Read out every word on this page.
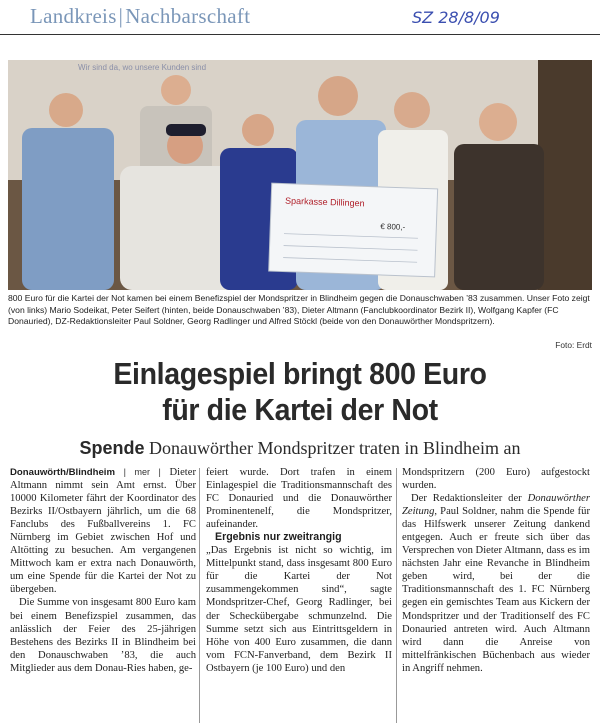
Landkreis|Nachbarschaft	SZ 28/8/09
Wir sind da, wo unsere Kunden sind
Sparkasse Dillingen
€ 800,-
800 Euro für die Kartei der Not kamen bei einem Benefizspiel der Mondspritzer in Blindheim gegen die Donauschwaben ’83 zusammen. Unser Foto zeigt (von links) Mario Sodeikat, Peter Seifert (hinten, beide Donauschwaben ’83), Dieter Altmann (Fanclubkoordinator Bezirk II), Wolfgang Kapfer (FC Donauried), DZ-Redaktionsleiter Paul Soldner, Georg Radlinger und Alfred Stöckl (beide von den Donauwörther Mondspritzern).
Foto: Erdt
Einlagespiel bringt 800 Euro
für die Kartei der Not
Spende Donauwörther Mondspritzer traten in Blindheim an

Donauwörth/Blindheim | mer | Dieter Altmann nimmt sein Amt ernst. Über 10000 Kilometer fährt der Koordinator des Bezirks II/Ostbayern jährlich, um die 68 Fanclubs des Fußballvereins 1. FC Nürnberg im Gebiet zwischen Hof und Altötting zu besuchen. Am vergangenen Mittwoch kam er extra nach Donauwörth, um eine Spende für die Kartei der Not zu übergeben.

Die Summe von insgesamt 800 Euro kam bei einem Benefizspiel zusammen, das anlässlich der Feier des 25-jährigen Bestehens des Bezirks II in Blindheim bei den Donauschwaben ’83, die auch Mitglieder aus dem Donau-Ries haben, ge-

feiert wurde. Dort trafen in einem Einlagespiel die Traditionsmannschaft des FC Donauried und die Donauwörther Prominentenelf, die Mondspritzer, aufeinander.

Ergebnis nur zweitrangig

„Das Ergebnis ist nicht so wichtig, im Mittelpunkt stand, dass insgesamt 800 Euro für die Kartei der Not zusammengekommen sind“, sagte Mondspritzer-Chef, Georg Radlinger, bei der Scheckübergabe schmunzelnd. Die Summe setzt sich aus Eintrittsgeldern in Höhe von 400 Euro zusammen, die dann vom FCN-Fanverband, dem Bezirk II Ostbayern (je 100 Euro) und den

Mondspritzern (200 Euro) aufgestockt wurden.

Der Redaktionsleiter der Donauwörther Zeitung, Paul Soldner, nahm die Spende für das Hilfswerk unserer Zeitung dankend entgegen. Auch er freute sich über das Versprechen von Dieter Altmann, dass es im nächsten Jahr eine Revanche in Blindheim geben wird, bei der die Traditionsmannschaft des 1. FC Nürnberg gegen ein gemischtes Team aus Kickern der Mondspritzer und der Traditionself des FC Donauried antreten wird. Auch Altmann wird dann die Anreise von mittelfränkischen Büchenbach aus wieder in Angriff nehmen.
